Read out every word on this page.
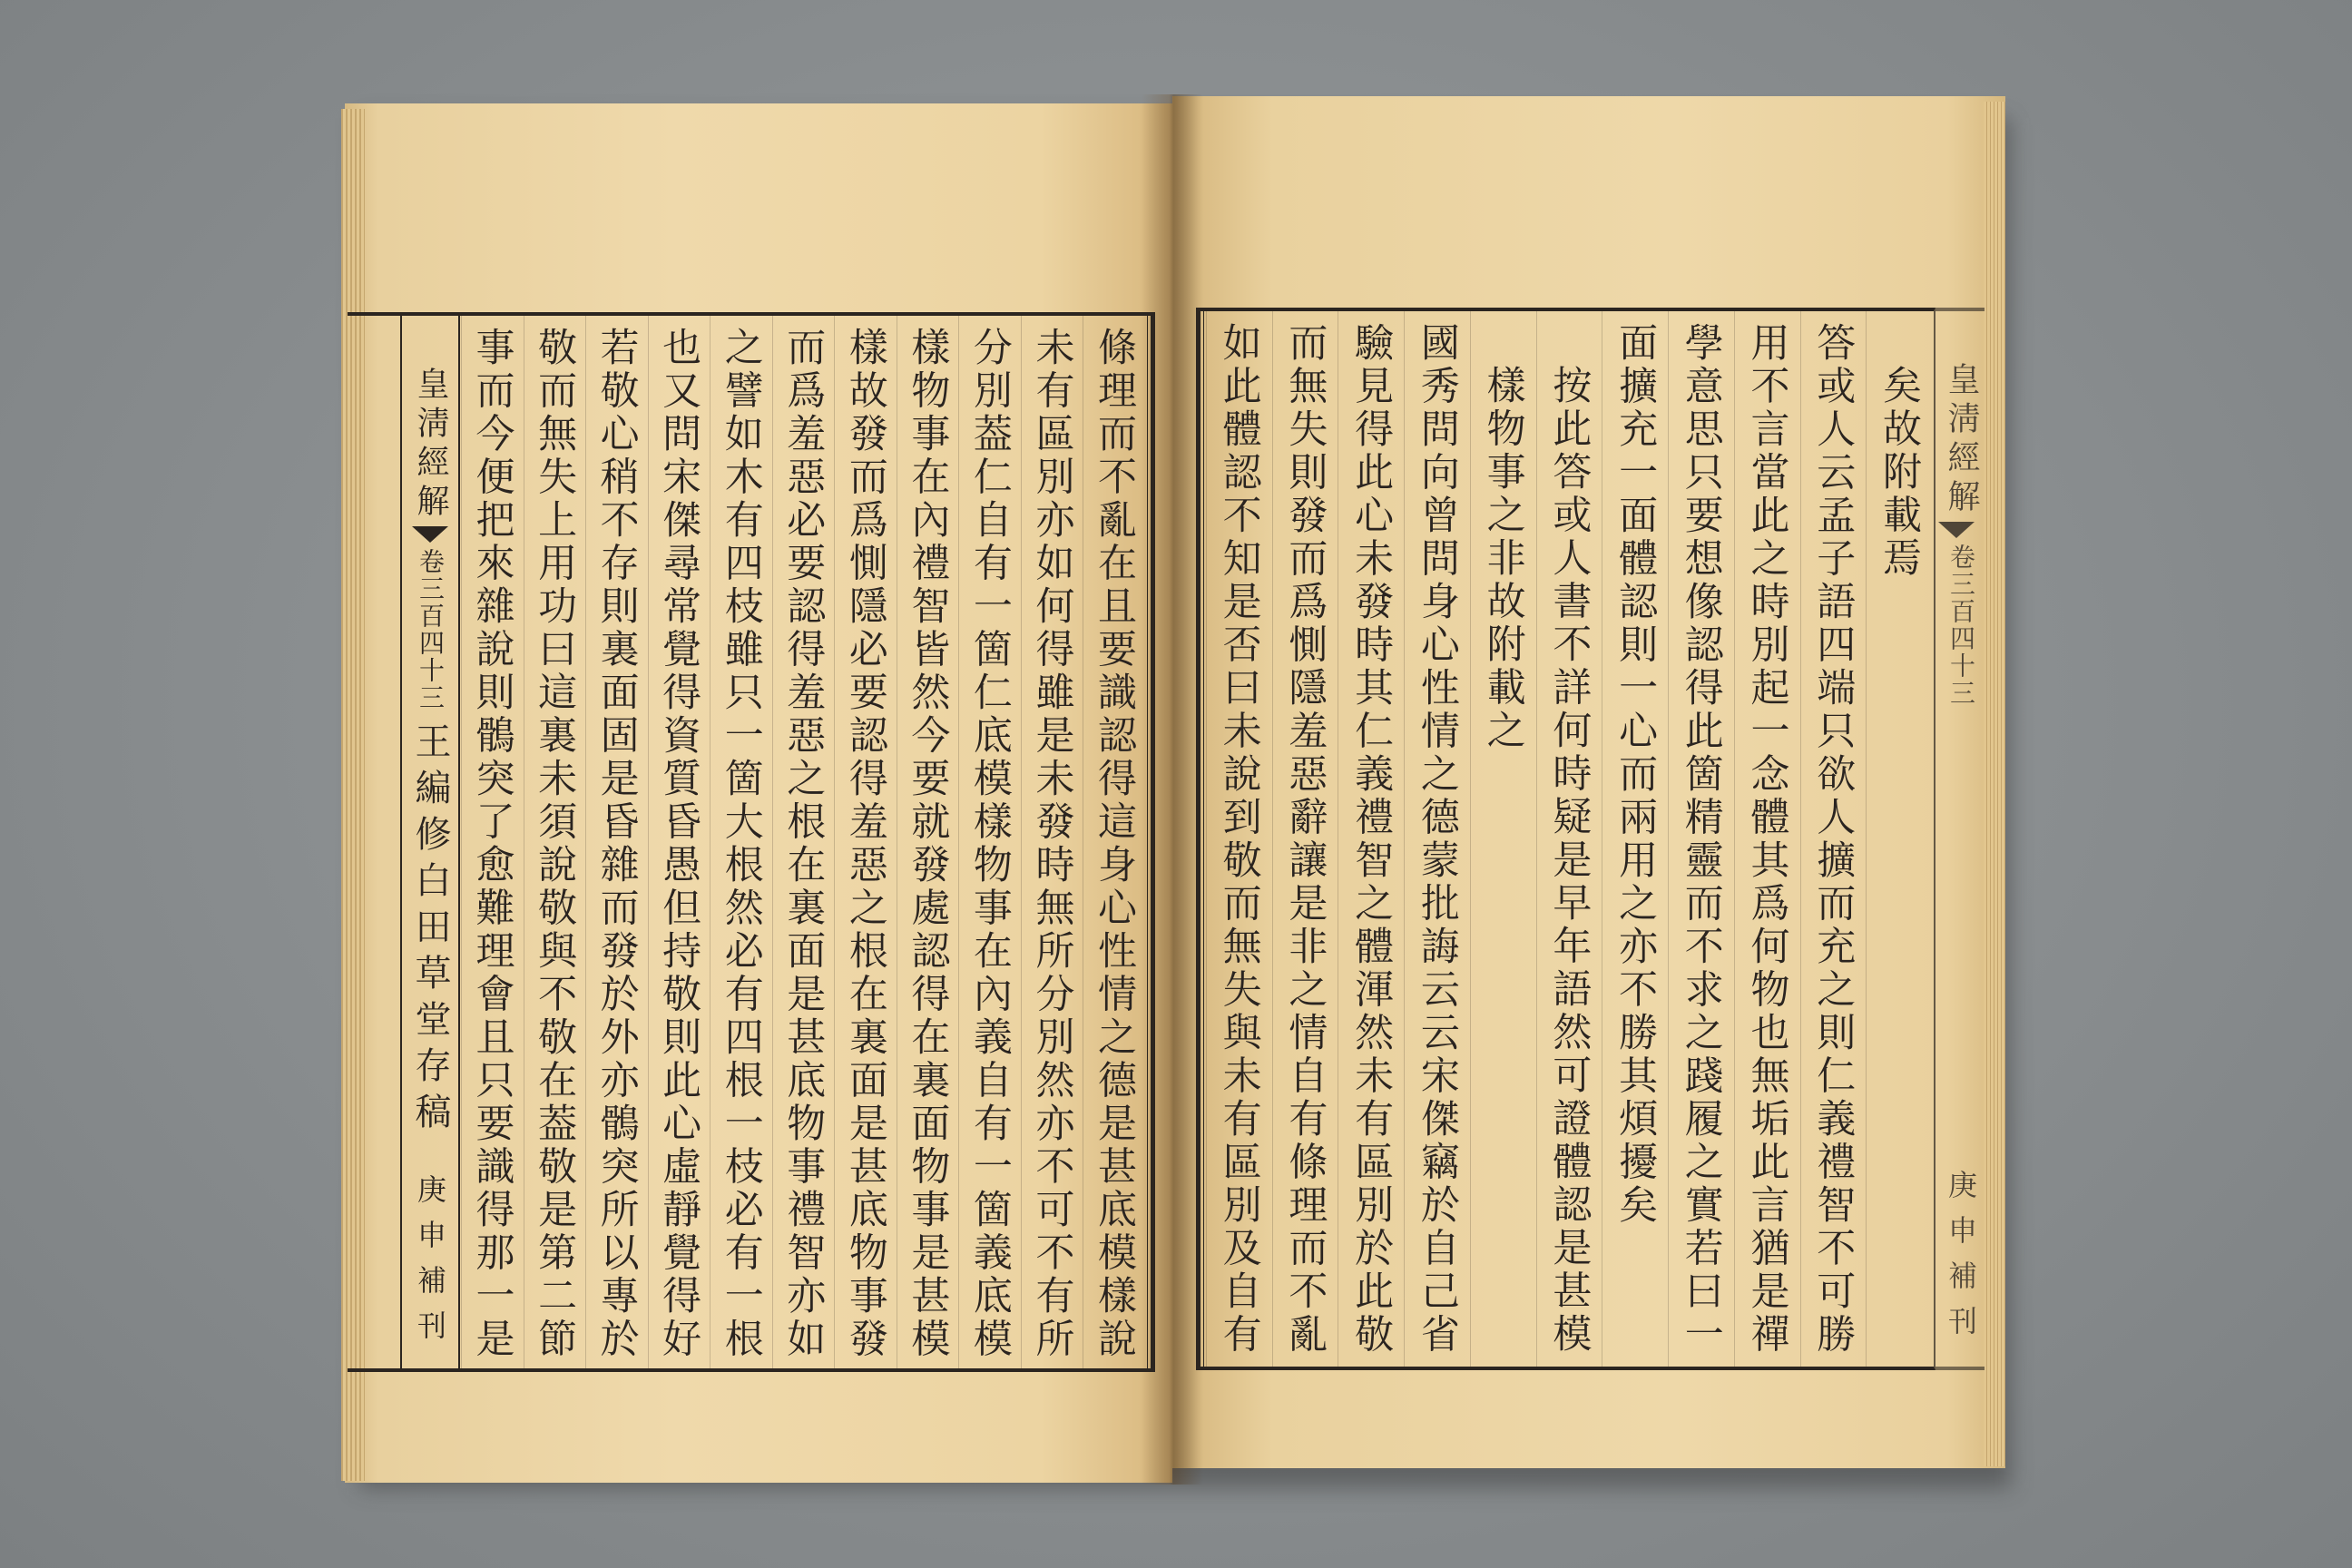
皇淸經解
卷三百四十三
王編修白田草堂存稿
庚申補刊	條理而不亂在且要識認得這身心性情之德是甚底模樣說
未有區別亦如何得雖是未發時無所分別然亦不可不有所
分別葢仁自有一箇仁底模樣物事在內義自有一箇義底模
樣物事在內禮智皆然今要就發處認得在裏面物事是甚模
樣故發而爲惻隱必要認得羞惡之根在裏面是甚底物事發
而爲羞惡必要認得羞惡之根在裏面是甚底物事禮智亦如
之譬如木有四枝雖只一箇大根然必有四根一枝必有一根
也又問宋傑尋常覺得資質昏愚但持敬則此心虛靜覺得好
若敬心稍不存則裏面固是昏雜而發於外亦鶻突所以專於
敬而無失上用功曰這裏未須說敬與不敬在葢敬是第二節
事而今便把來雜說則鶻突了愈難理會且只要識得那一是	矣故附載焉
答或人云孟子語四端只欲人擴而充之則仁義禮智不可勝
用不言當此之時別起一念體其爲何物也無垢此言猶是禪
學意思只要想像認得此箇精靈而不求之踐履之實若曰一
面擴充一面體認則一心而兩用之亦不勝其煩擾矣
按此答或人書不詳何時疑是早年語然可證體認是甚模
樣物事之非故附載之
國秀問向曾問身心性情之德蒙批誨云云宋傑竊於自己省
驗見得此心未發時其仁義禮智之體渾然未有區別於此敬
而無失則發而爲惻隱羞惡辭讓是非之情自有條理而不亂
如此體認不知是否曰未說到敬而無失與未有區別及自有	皇淸經解
卷三百四十三
庚申補刊
